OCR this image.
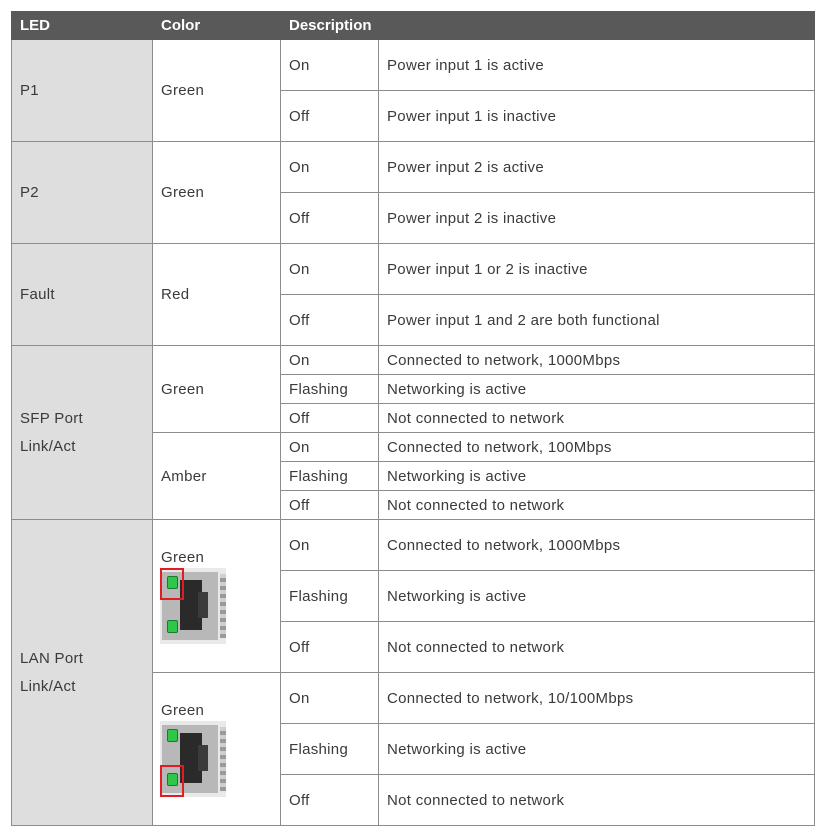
LED	Color	Description	
P1	Green	On	Power input 1 is active
		Off	Power input 1 is inactive
P2	Green	On	Power input 2 is active
		Off	Power input 2 is inactive
Fault	Red	On	Power input 1 or 2 is inactive
		Off	Power input 1 and 2 are both functional

SFP Port
Link/Act	Green	On	Connected to network, 1000Mbps
		Flashing	Networking is active
		Off	Not connected to network
	Amber	On	Connected to network, 100Mbps
		Flashing	Networking is active
		Off	Not connected to network

LAN Port
Link/Act	Green	On	Connected to network, 1000Mbps
		Flashing	Networking is active
		Off	Not connected to network

	Green	On	Connected to network, 10/100Mbps
		Flashing	Networking is active
		Off	Not connected to network
